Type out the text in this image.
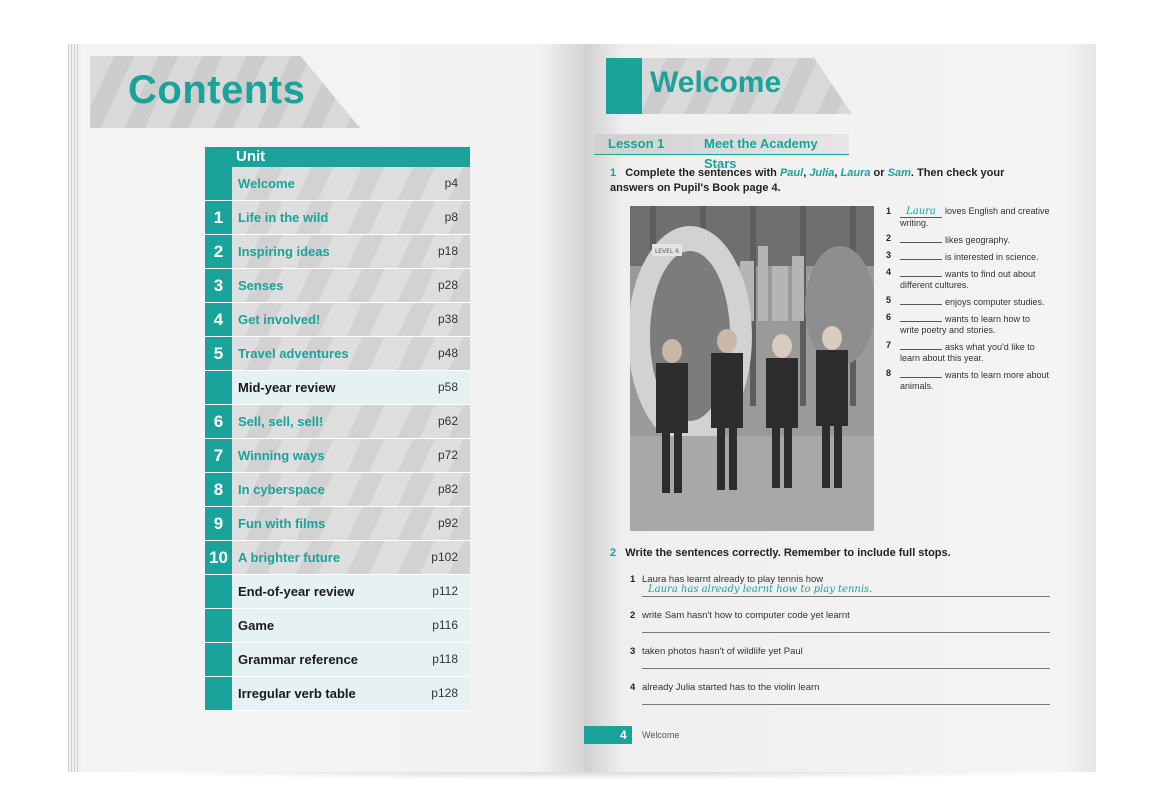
Contents
Unit
Welcome	p4
1	Life in the wild	p8
2	Inspiring ideas	p18
3	Senses	p28
4	Get involved!	p38
5	Travel adventures	p48
Mid-year review	p58
6	Sell, sell, sell!	p62
7	Winning ways	p72
8	In cyberspace	p82
9	Fun with films	p92
10 A brighter future	p102
End-of-year review	p112
Game	p116
Grammar reference	p118
Irregular verb table	p128
Welcome
Lesson 1	Meet the Academy Stars
1 Complete the sentences with Paul, Julia, Laura or Sam. Then check your answers on Pupil's Book page 4.
LEVEL 6
1 Laura loves English and creative writing.
2	likes geography.
3	is interested in science.
4	wants to find out about different cultures.
5	enjoys computer studies.
6	wants to learn how to write poetry and stories.
7	asks what you'd like to learn about this year.
8	wants to learn more about animals.
2 Write the sentences correctly. Remember to include full stops.
1 Laura has learnt already to play tennis how
Laura has already learnt how to play tennis.
2 write Sam hasn't how to computer code yet learnt
3 taken photos hasn't of wildlife yet Paul
4 already Julia started has to the violin learn
4 Welcome
